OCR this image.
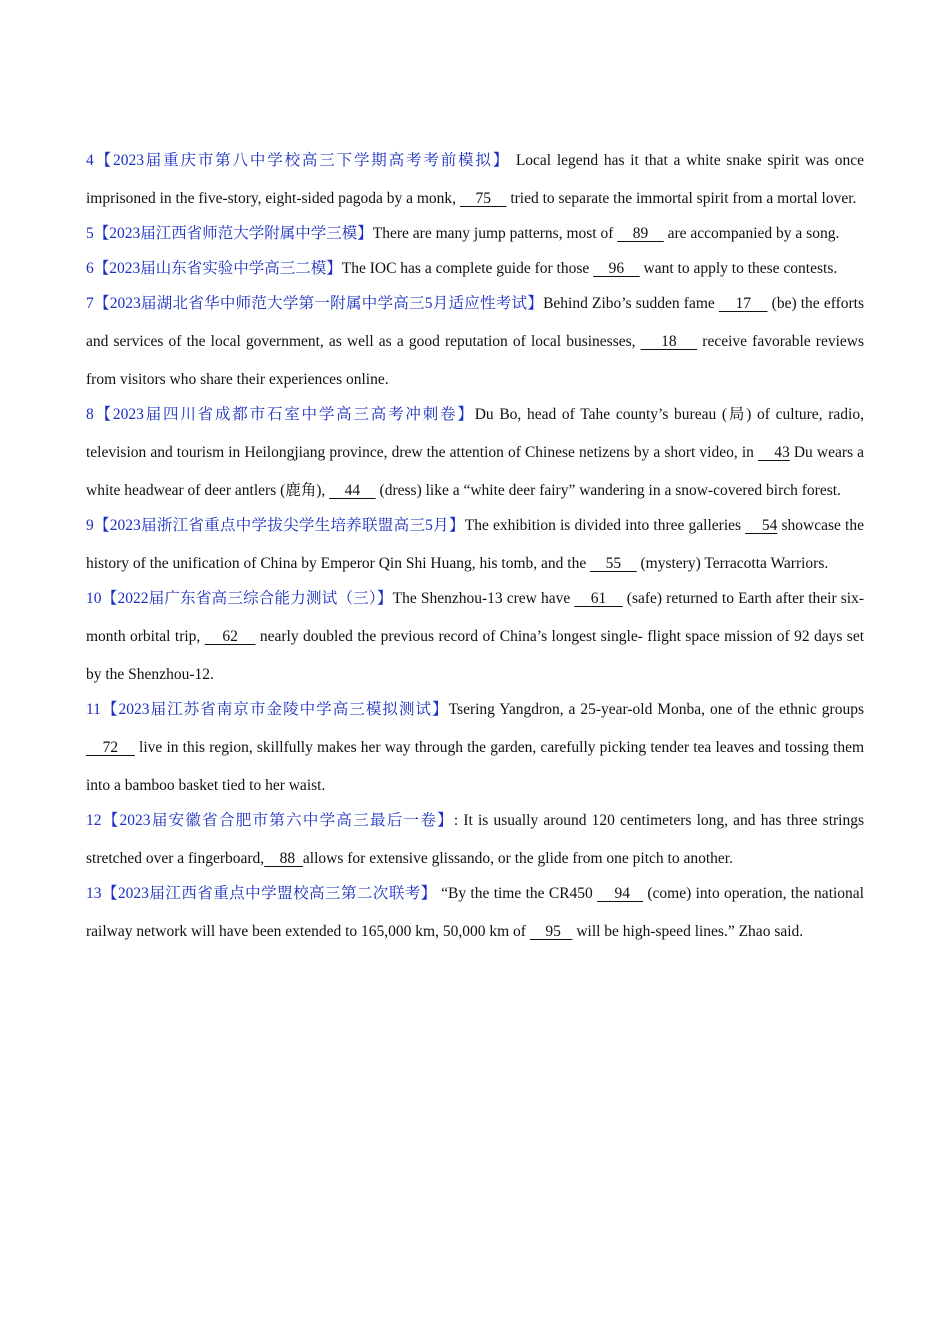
4【2023届重庆市第八中学校高三下学期高考考前模拟】 Local legend has it that a white snake spirit was once imprisoned in the five-story, eight-sided pagoda by a monk,     75     tried to separate the immortal spirit from a mortal lover.

5【2023届江西省师范大学附属中学三模】There are many jump patterns, most of     89     are accompanied by a song.

6【2023届山东省实验中学高三二模】The IOC has a complete guide for those     96     want to apply to these contests.

7【2023届湖北省华中师范大学第一附属中学高三5月适应性考试】Behind Zibo’s sudden fame     17     (be) the efforts and services of the local government, as well as a good reputation of local businesses,     18     receive favorable reviews from visitors who share their experiences online.

8【2023届四川省成都市石室中学高三高考冲刺卷】Du Bo, head of Tahe county’s bureau (局) of culture, radio, television and tourism in Heilongjiang province, drew the attention of Chinese netizens by a short video, in     43 Du wears a white headwear of deer antlers (鹿角),     44     (dress) like a “white deer fairy” wandering in a snow-covered birch forest.

9【2023届浙江省重点中学拔尖学生培养联盟高三5月】The exhibition is divided into three galleries     54 showcase the history of the unification of China by Emperor Qin Shi Huang, his tomb, and the     55     (mystery) Terracotta Warriors.

10【2022届广东省高三综合能力测试（三）】The Shenzhou-13 crew have     61     (safe) returned to Earth after their six- month orbital trip,     62     nearly doubled the previous record of China’s longest single- flight space mission of 92 days set by the Shenzhou-12.

11【2023届江苏省南京市金陵中学高三模拟测试】Tsering Yangdron, a 25-year-old Monba, one of the ethnic groups     72     live in this region, skillfully makes her way through the garden, carefully picking tender tea leaves and tossing them into a bamboo basket tied to her waist.

12【2023届安徽省合肥市第六中学高三最后一卷】: It is usually around 120 centimeters long, and has three strings stretched over a fingerboard,    88  allows for extensive glissando, or the glide from one pitch to another.

13【2023届江西省重点中学盟校高三第二次联考】 “By the time the CR450     94    (come) into operation, the national railway network will have been extended to 165,000 km, 50,000 km of     95    will be high-speed lines.” Zhao said.
